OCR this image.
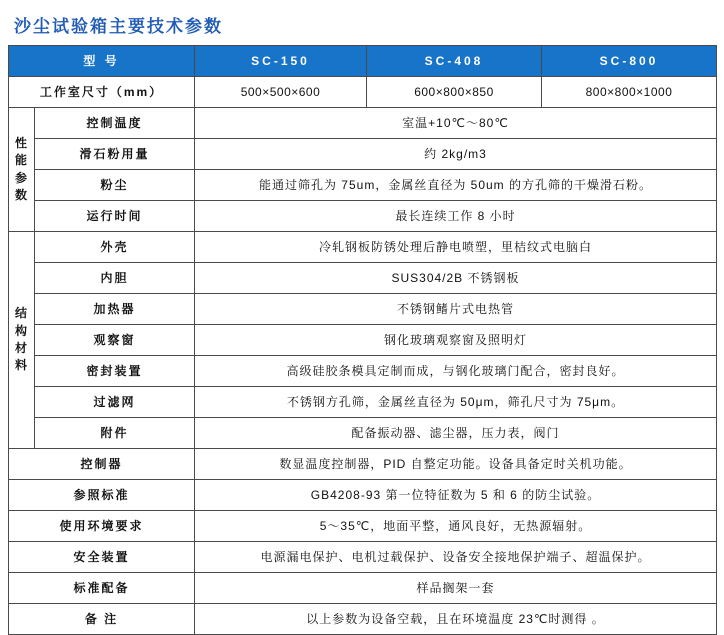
沙尘试验箱主要技术参数
型 号		SC-150	SC-408	SC-800
工作室尺寸（mm）		500×500×600	600×800×850	800×800×1000

性
能
参
数	控制温度	室温+10℃～80℃		
	滑石粉用量	约 2kg/m3		
	粉尘	能通过筛孔为 75um，金属丝直径为 50um 的方孔筛的干燥滑石粉。		
	运行时间	最长连续工作 8 小时		

结
构
材
料	外壳	冷轧钢板防锈处理后静电喷塑，里桔纹式电脑白		
	内胆	SUS304/2B 不锈钢板		
	加热器	不锈钢鳍片式电热管		
	观察窗	钢化玻璃观察窗及照明灯		
	密封装置	高级硅胶条模具定制而成，与钢化玻璃门配合，密封良好。		
	过滤网	不锈钢方孔筛，金属丝直径为 50μm，筛孔尺寸为 75μm。		
	附件	配备振动器、滤尘器，压力表，阀门		
控制器		数显温度控制器，PID 自整定功能。设备具备定时关机功能。		
参照标准		GB4208-93 第一位特征数为 5 和 6 的防尘试验。		
使用环境要求		5～35℃，地面平整，通风良好，无热源辐射。		
安全装置		电源漏电保护、电机过载保护、设备安全接地保护端子、超温保护。		
标准配备		样品搁架一套		
备 注		以上参数为设备空载，且在环境温度 23℃时测得 。		
